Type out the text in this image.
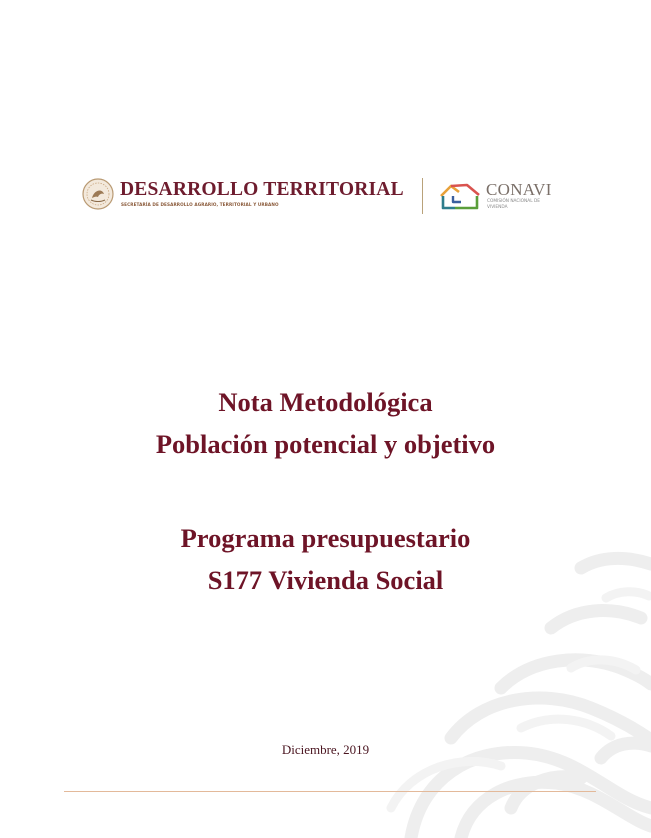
DESARROLLO TERRITORIAL
SECRETARÍA DE DESARROLLO AGRARIO, TERRITORIAL Y URBANO
CONAVI
COMISIÓN NACIONAL DE VIVIENDA
Nota Metodológica
Población potencial y objetivo
Programa presupuestario
S177 Vivienda Social
Diciembre, 2019
